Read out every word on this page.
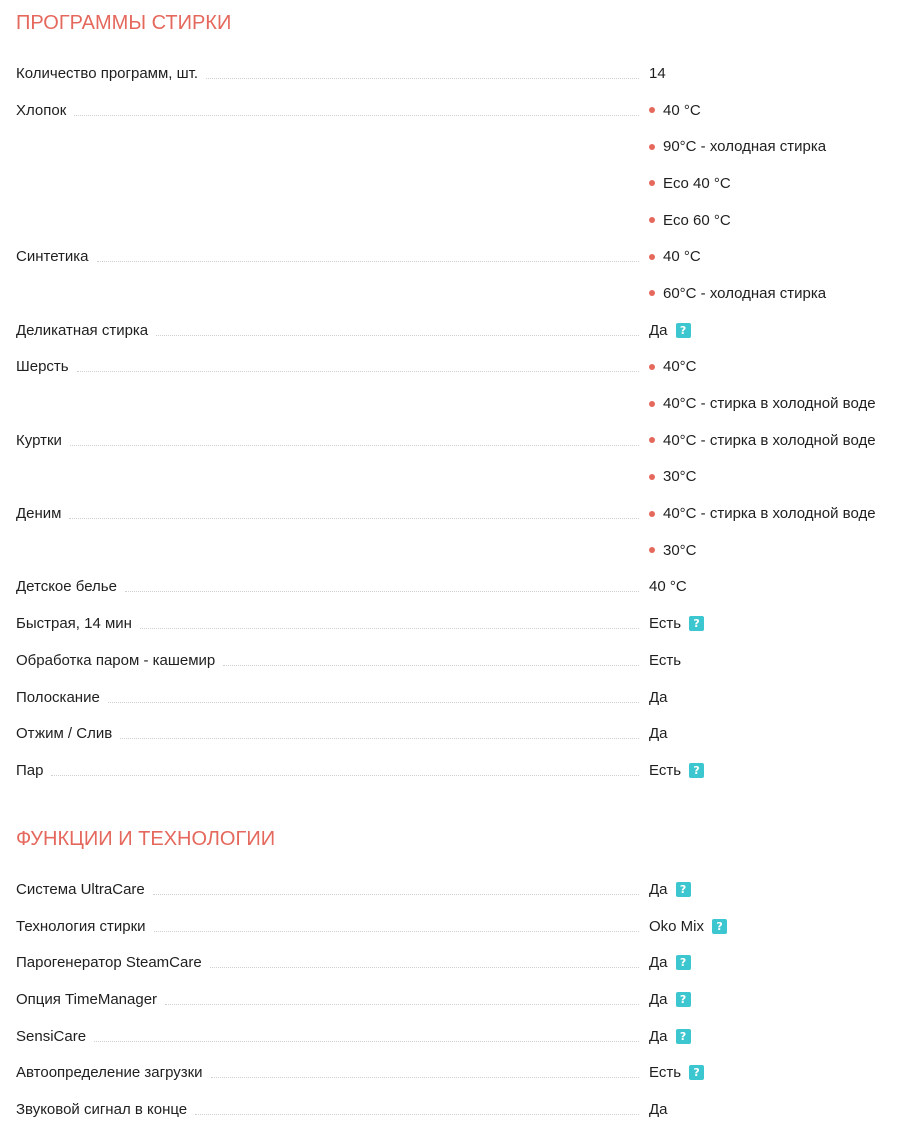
ПРОГРАММЫ СТИРКИ
Количество программ, шт.	14
Хлопок	40 °С
90°С - холодная стирка
Eco 40 °С
Eco 60 °С
Синтетика	40 °С
60°С - холодная стирка
Деликатная стирка	Да	?
Шерсть	40°С
40°С - стирка в холодной воде
Куртки	40°С - стирка в холодной воде
30°С
Деним	40°С - стирка в холодной воде
30°С
Детское белье	40 °С
Быстрая, 14 мин	Есть	?
Обработка паром - кашемир	Есть
Полоскание	Да
Отжим / Слив	Да
Пар	Есть	?
ФУНКЦИИ И ТЕХНОЛОГИИ
Система UltraCare	Да	?
Технология стирки	Oko Mix	?
Парогенератор SteamCare	Да	?
Опция TimeManager	Да	?
SensiCare	Да	?
Автоопределение загрузки	Есть	?
Звуковой сигнал в конце	Да
